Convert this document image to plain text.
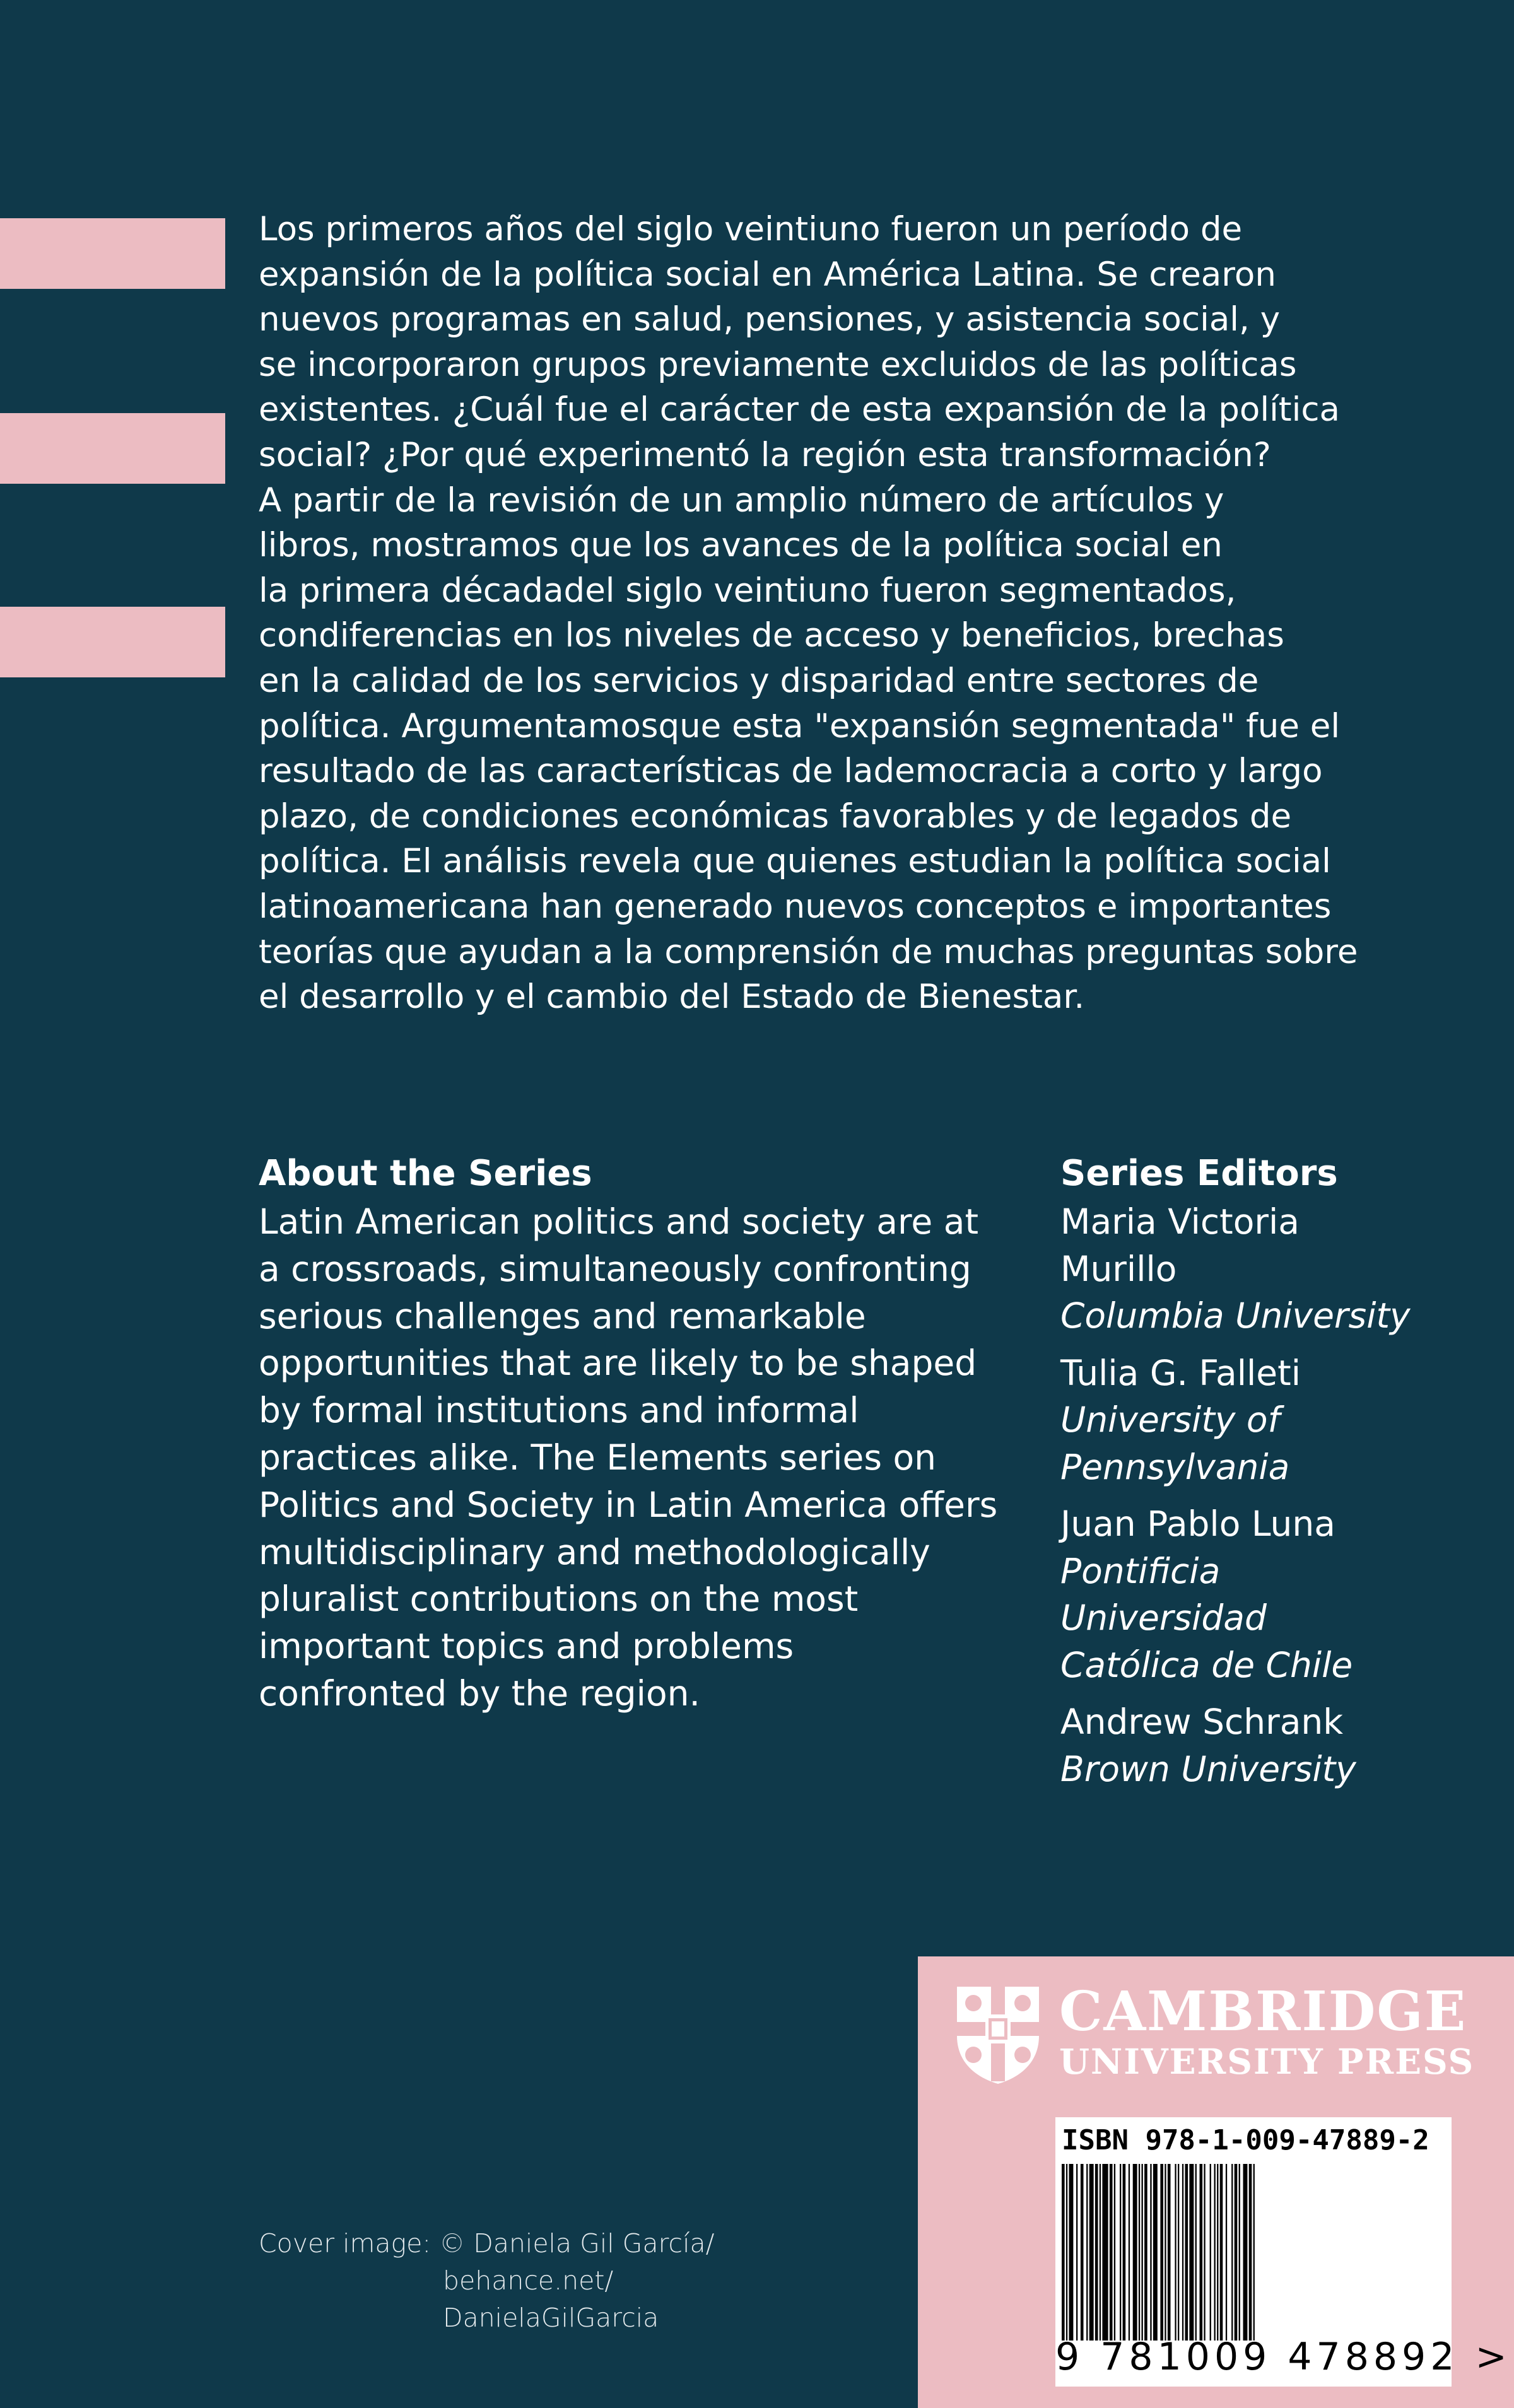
Los primeros años del siglo veintiuno fueron un período de
expansión de la política social en América Latina. Se crearon
nuevos programas en salud, pensiones, y asistencia social, y
se incorporaron grupos previamente excluidos de las políticas
existentes. ¿Cuál fue el carácter de esta expansión de la política
social? ¿Por qué experimentó la región esta transformación?
A partir de la revisión de un amplio número de artículos y
libros, mostramos que los avances de la política social en
la primera décadadel siglo veintiuno fueron segmentados,
condiferencias en los niveles de acceso y beneficios, brechas
en la calidad de los servicios y disparidad entre sectores de
política. Argumentamosque esta "expansión segmentada" fue el
resultado de las características de lademocracia a corto y largo
plazo, de condiciones económicas favorables y de legados de
política. El análisis revela que quienes estudian la política social
latinoamericana han generado nuevos conceptos e importantes
teorías que ayudan a la comprensión de muchas preguntas sobre
el desarrollo y el cambio del Estado de Bienestar.

About the Series
Latin American politics and society are at
a crossroads, simultaneously confronting
serious challenges and remarkable
opportunities that are likely to be shaped
by formal institutions and informal
practices alike. The Elements series on
Politics and Society in Latin America offers
multidisciplinary and methodologically
pluralist contributions on the most
important topics and problems
confronted by the region.
Series Editors
Maria Victoria
Murillo
Columbia University
Tulia G. Falleti
University of
Pennsylvania
Juan Pablo Luna
Pontificia
Universidad
Católica de Chile
Andrew Schrank
Brown University
Cover image: © Daniela Gil García/
behance.net/
DanielaGilGarcia
CAMBRIDGE
UNIVERSITY PRESS
ISBN 978-1-009-47889-2
9 781009 478892 >
